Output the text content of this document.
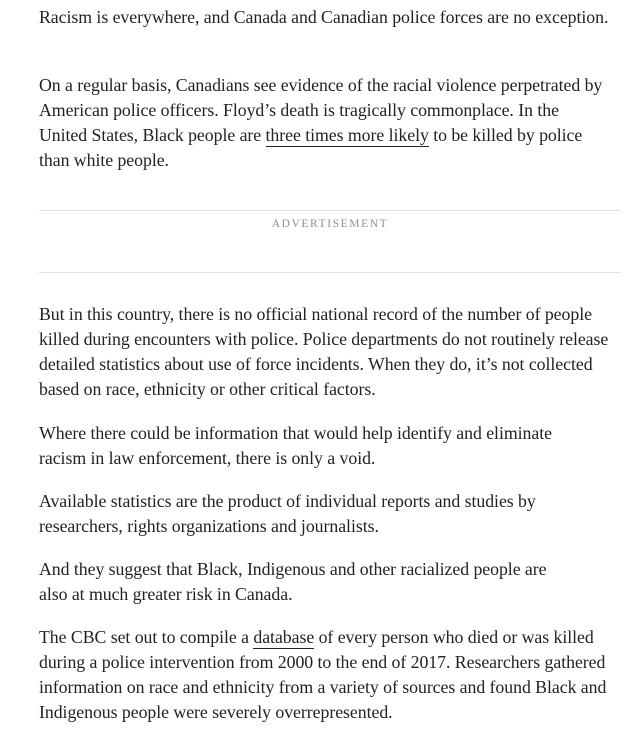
Racism is everywhere, and Canada and Canadian police forces are no exception.

On a regular basis, Canadians see evidence of the racial violence perpetrated by American police officers. Floyd’s death is tragically commonplace. In the United States, Black people are three times more likely to be killed by police than white people.

ADVERTISEMENT

But in this country, there is no official national record of the number of people killed during encounters with police. Police departments do not routinely release detailed statistics about use of force incidents. When they do, it’s not collected based on race, ethnicity or other critical factors.

Where there could be information that would help identify and eliminate racism in law enforcement, there is only a void.

Available statistics are the product of individual reports and studies by researchers, rights organizations and journalists.

And they suggest that Black, Indigenous and other racialized people are also at much greater risk in Canada.

The CBC set out to compile a database of every person who died or was killed during a police intervention from 2000 to the end of 2017. Researchers gathered information on race and ethnicity from a variety of sources and found Black and Indigenous people were severely overrepresented.
